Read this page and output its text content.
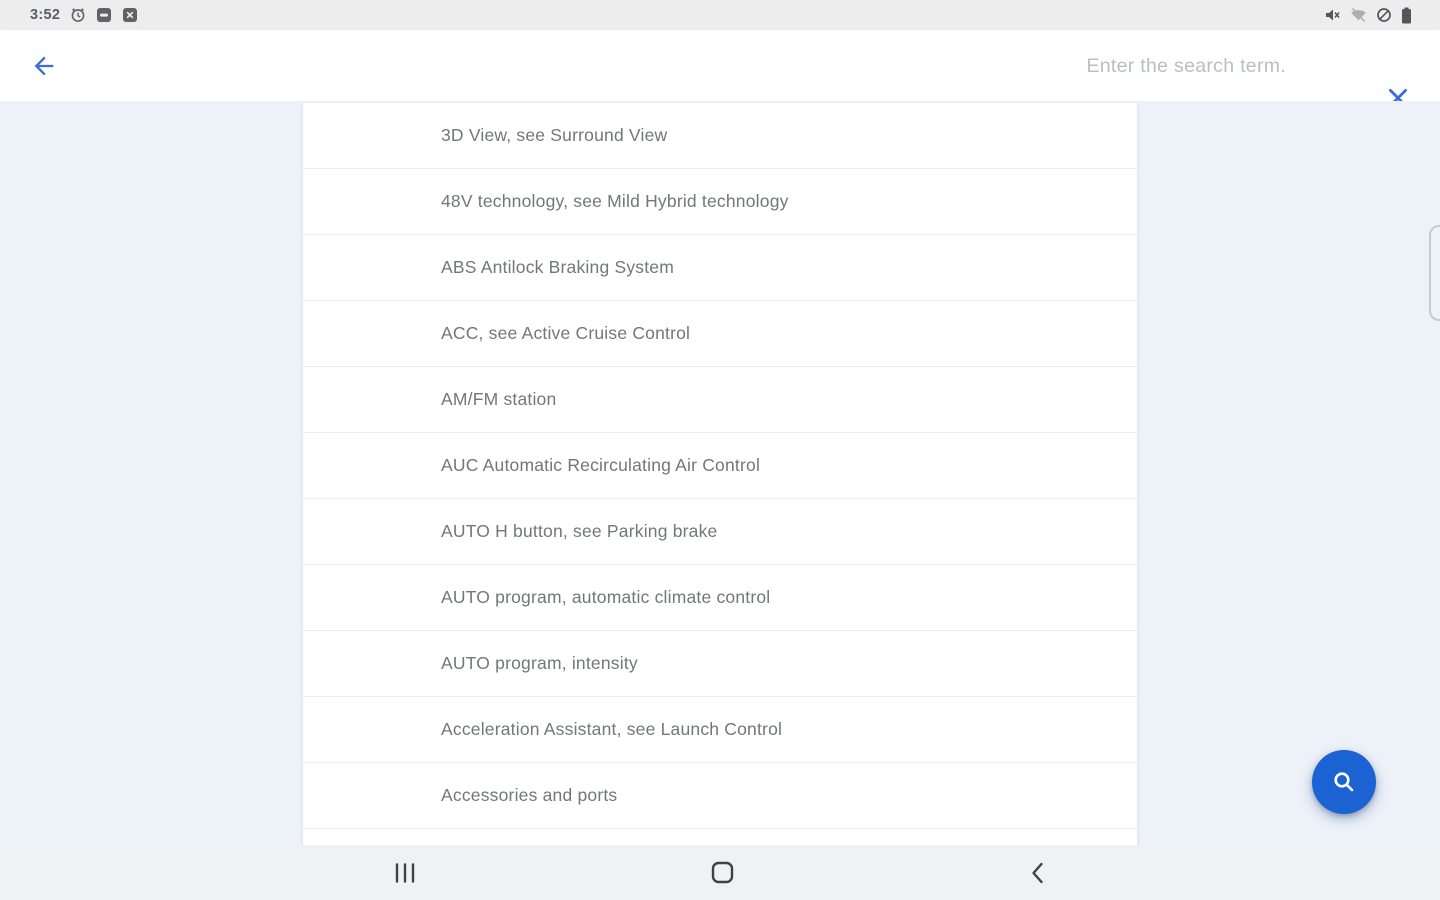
3:52
Enter the search term.
3D View, see Surround View
48V technology, see Mild Hybrid technology
ABS Antilock Braking System
ACC, see Active Cruise Control
AM/FM station
AUC Automatic Recirculating Air Control
AUTO H button, see Parking brake
AUTO program, automatic climate control
AUTO program, intensity
Acceleration Assistant, see Launch Control
Accessories and ports
